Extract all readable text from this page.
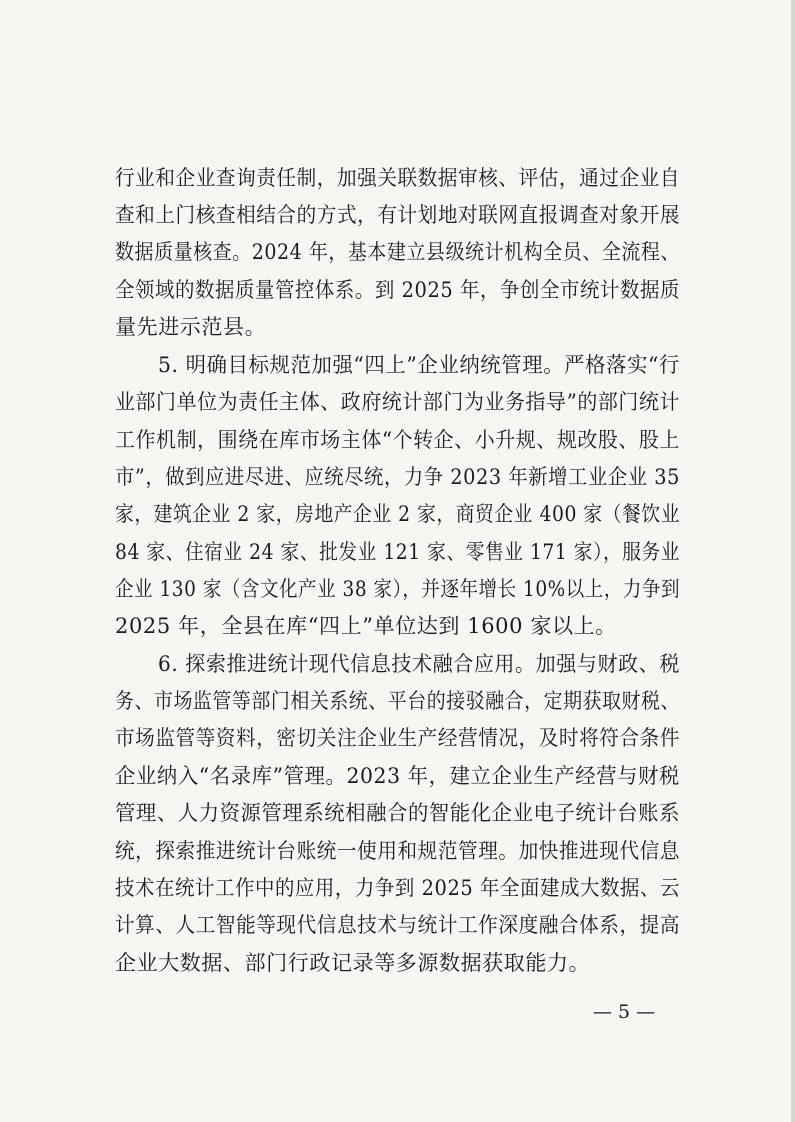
行业和企业查询责任制，加强关联数据审核、评估，通过企业自
查和上门核查相结合的方式，有计划地对联网直报调查对象开展
数据质量核查。2024 年，基本建立县级统计机构全员、全流程、
全领域的数据质量管控体系。到 2025 年，争创全市统计数据质
量先进示范县。
5. 明确目标规范加强“四上”企业纳统管理。严格落实“行
业部门单位为责任主体、政府统计部门为业务指导”的部门统计
工作机制，围绕在库市场主体“个转企、小升规、规改股、股上
市”，做到应进尽进、应统尽统，力争 2023 年新增工业企业 35
家，建筑企业 2 家，房地产企业 2 家，商贸企业 400 家（餐饮业
84 家、住宿业 24 家、批发业 121 家、零售业 171 家），服务业
企业 130 家（含文化产业 38 家），并逐年增长 10%以上，力争到
2025 年，全县在库“四上”单位达到 1600 家以上。
6. 探索推进统计现代信息技术融合应用。加强与财政、税
务、市场监管等部门相关系统、平台的接驳融合，定期获取财税、
市场监管等资料，密切关注企业生产经营情况，及时将符合条件
企业纳入“名录库”管理。2023 年，建立企业生产经营与财税
管理、人力资源管理系统相融合的智能化企业电子统计台账系
统，探索推进统计台账统一使用和规范管理。加快推进现代信息
技术在统计工作中的应用，力争到 2025 年全面建成大数据、云
计算、人工智能等现代信息技术与统计工作深度融合体系，提高
企业大数据、部门行政记录等多源数据获取能力。
— 5 —
